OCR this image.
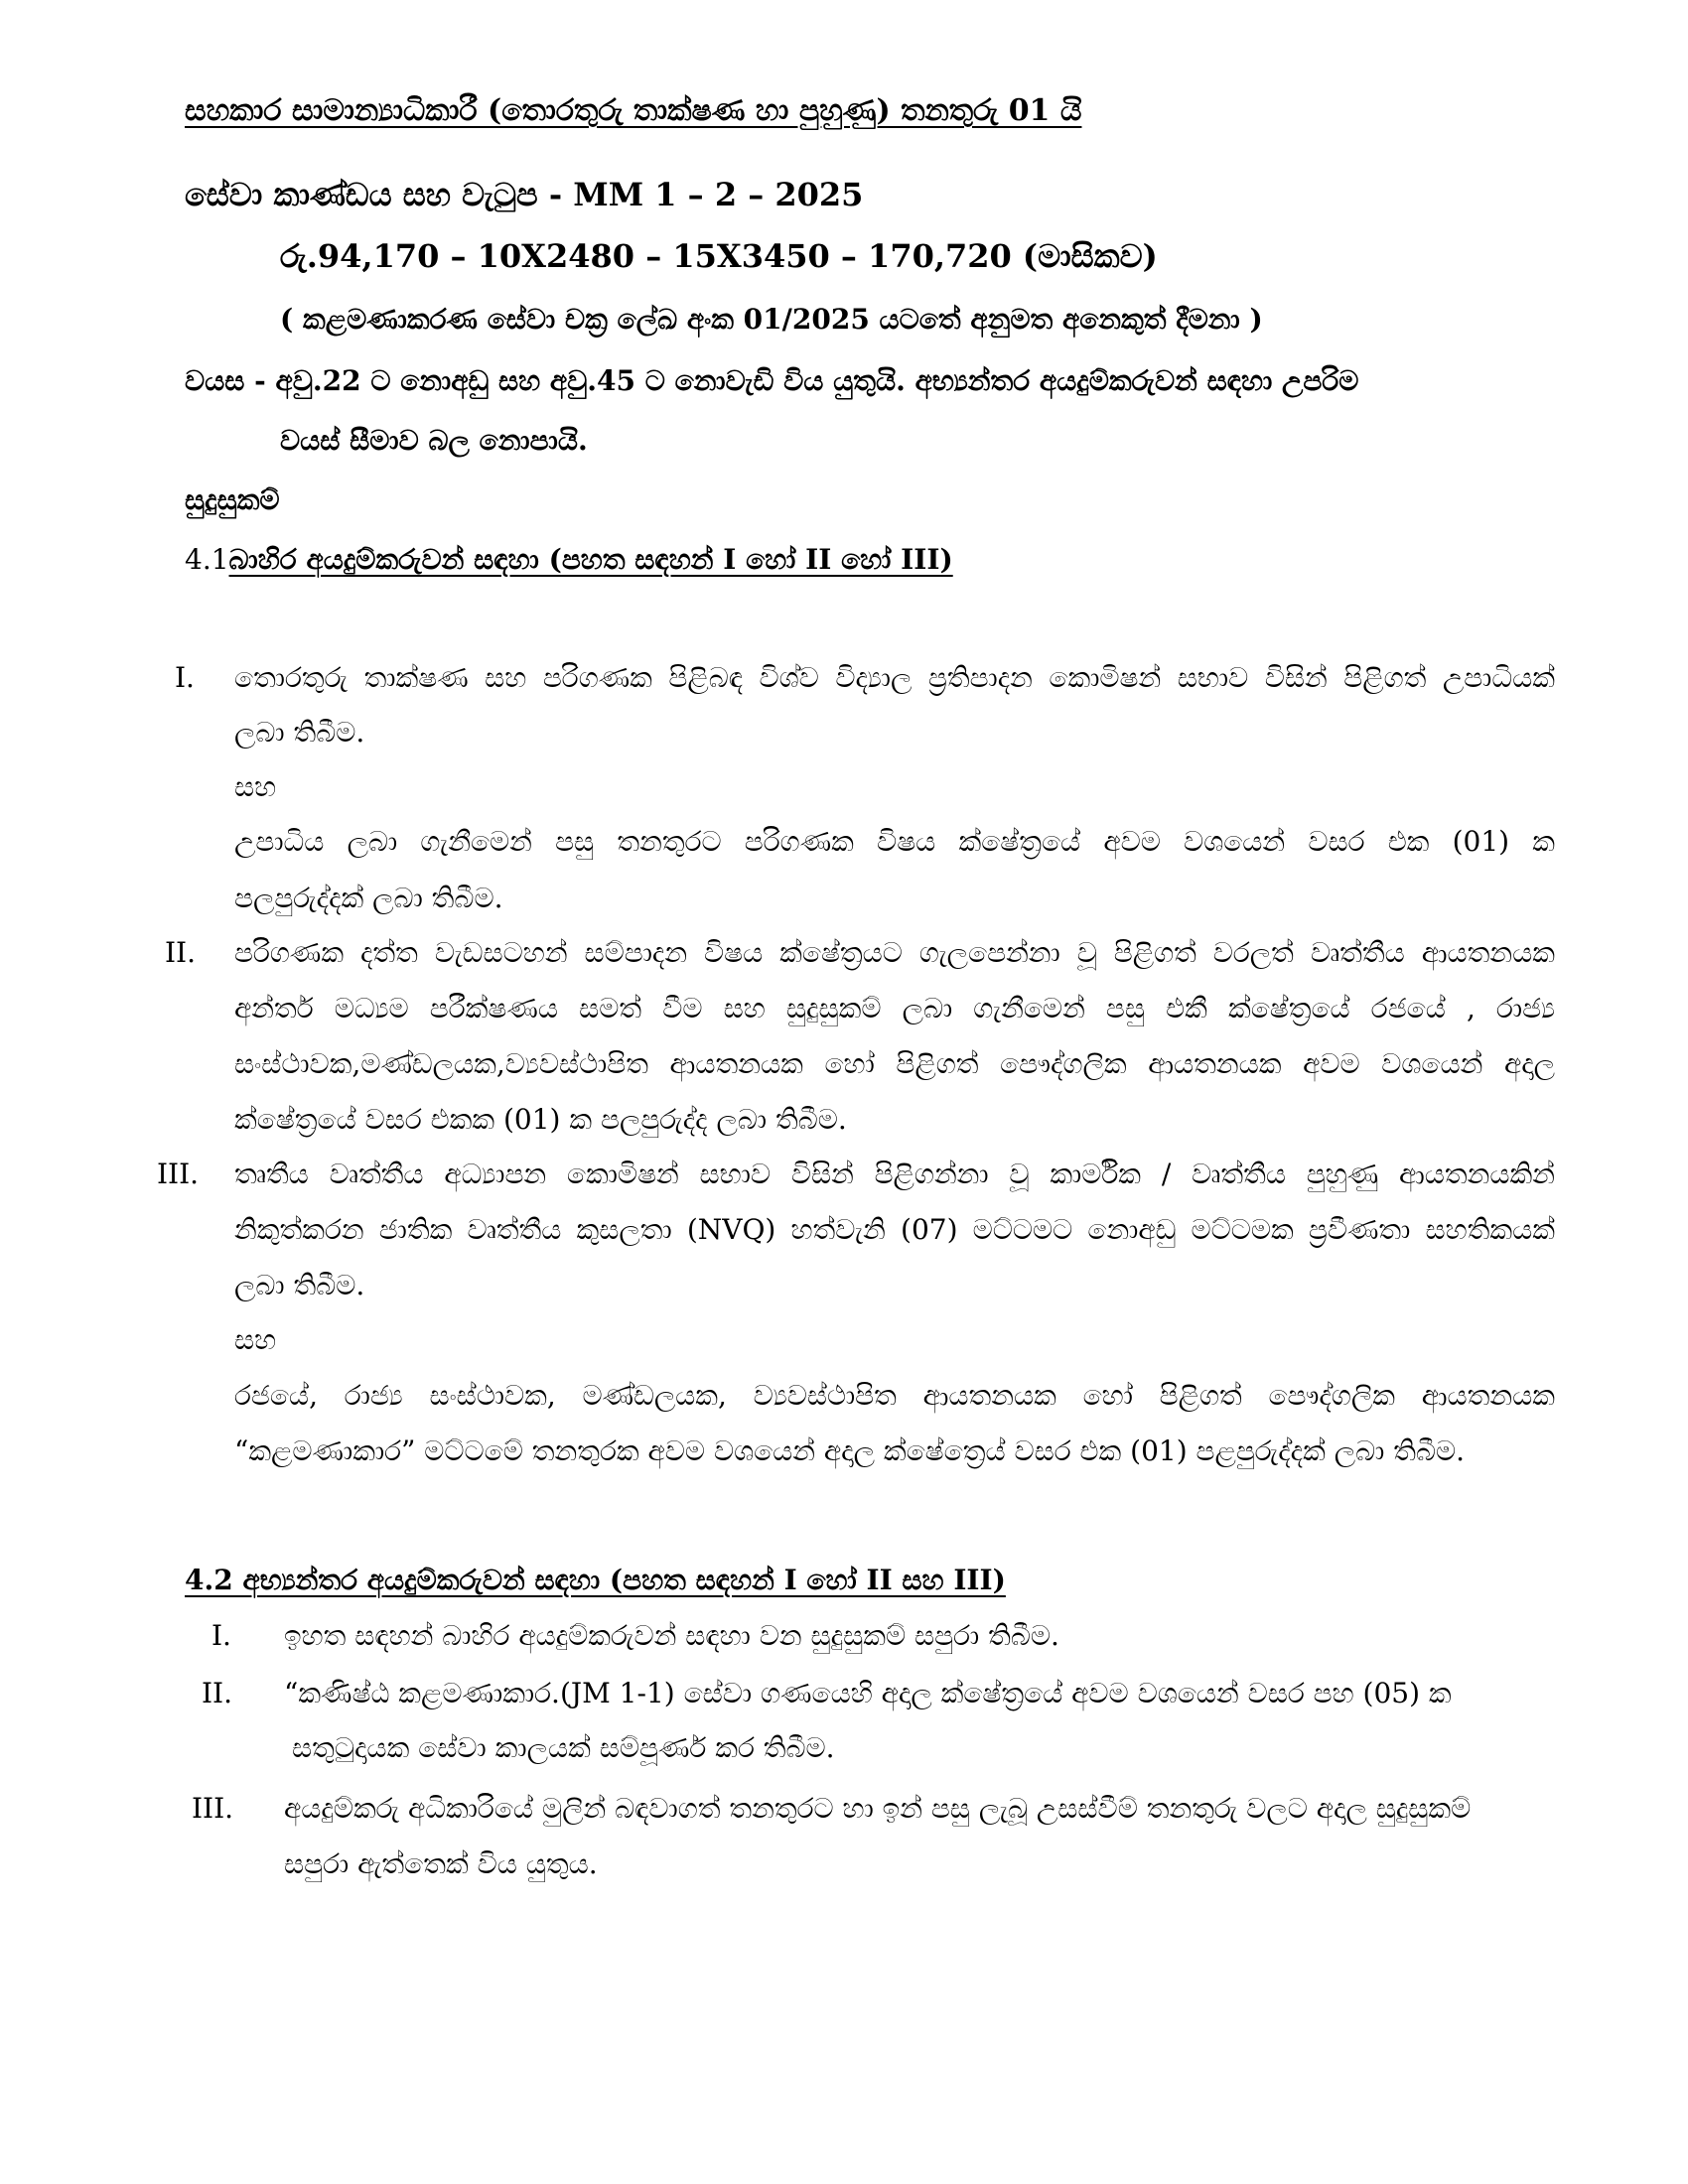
සහකාර සාමාන්‍යාධිකාරී (තොරතුරු තාක්ෂණ හා පුහුණු) තනතුරු 01 යි
සේවා කාණ්ඩය සහ වැටුප - MM 1 – 2 – 2025
රු.94,170 – 10X2480 – 15X3450 – 170,720 (මාසිකව)
( කළමණාකරණ සේවා චක්‍ර ලේඛ අංක 01/2025 යටතේ අනුමත අනෙකුත් දීමනා )
වයස - අවු.22 ට නොඅඩු සහ අවු.45 ට නොවැඩි විය යුතුයි. අභ්‍යන්තර අයදුම්කරුවන් සඳහා උපරිම
වයස් සීමාව බල නොපායි.
සුදුසුකම්
4.1බාහිර අයදුම්කරුවන් සඳහා (පහත සඳහන් I හෝ II හෝ III)
I. තොරතුරු තාක්ෂණ සහ පරිගණක පිළිබඳ විශ්ව විද්‍යාල ප්‍රතිපාදන කොමිෂන් සභාව විසින් පිළිගත් උපාධියක්
ලබා තිබීම.
සහ
උපාධිය ලබා ගැනීමෙන් පසු තනතුරට පරිගණක විෂය ක්ෂේත්‍රයේ අවම වශයෙන් වසර එක (01) ක
පලපුරුද්දක් ලබා තිබීම.
II. පරිගණක දත්ත වැඩසටහන් සම්පාදන විෂය ක්ෂේත්‍රයට ගැලපෙන්නා වූ පිළිගත් වරලත් වෘත්තීය ආයතනයක
අන්තර් මධ්‍යම පරීක්ෂණය සමත් වීම සහ සුදුසුකම් ලබා ගැනීමෙන් පසු එකී ක්ෂේත්‍රයේ රජයේ , රාජ්‍ය
සංස්ථාවක,මණ්ඩලයක,ව්‍යවස්ථාපිත ආයතනයක හෝ පිළිගත් පෞද්ගලික ආයතනයක අවම වශයෙන් අදාල
ක්ෂේත්‍රයේ වසර එකක (01) ක පලපුරුද්ද ලබා තිබීම.
III. තෘතීය වෘත්තීය අධ්‍යාපන කොමිෂන් සභාව විසින් පිළිගන්නා වූ කාර්මික / වෘත්තීය පුහුණු ආයතනයකින්
නිකුත්කරන ජාතික වෘත්තීය කුසලතා (NVQ) හත්වැනි (07) මට්ටමට නොඅඩු මට්ටමක ප්‍රවීණතා සහතිකයක්
ලබා තිබීම.
සහ
රජයේ, රාජ්‍ය සංස්ථාවක, මණ්ඩලයක, ව්‍යවස්ථාපිත ආයතනයක හෝ පිළිගත් පෞද්ගලික ආයතනයක
“කළමණාකාර” මට්ටමේ තනතුරක අවම වශයෙන් අදාල ක්ෂේත්‍රෙය් වසර එක (01) පළපුරුද්දක් ලබා තිබීම.
4.2 අභ්‍යන්තර අයදුම්කරුවන් සඳහා (පහත සඳහන් I හෝ II සහ III)
I. ඉහත සඳහන් බාහිර අයදුම්කරුවන් සඳහා වන සුදුසුකම් සපුරා තිබීම.
II. “කණිෂ්ඨ කළමණාකාර.(JM 1-1) සේවා ගණයෙහි අදාල ක්ෂේත්‍රයේ අවම වශයෙන් වසර පහ (05) ක
සතුටුදායක සේවා කාලයක් සම්පූර්ණ කර තිබීම.
III. අයදුම්කරු අධිකාරියේ මුලින් බඳවාගත් තනතුරට හා ඉන් පසු ලැබූ උසස්වීම් තනතුරු වලට අදාල සුදුසුකම්
සපුරා ඇත්තෙක් විය යුතුය.
